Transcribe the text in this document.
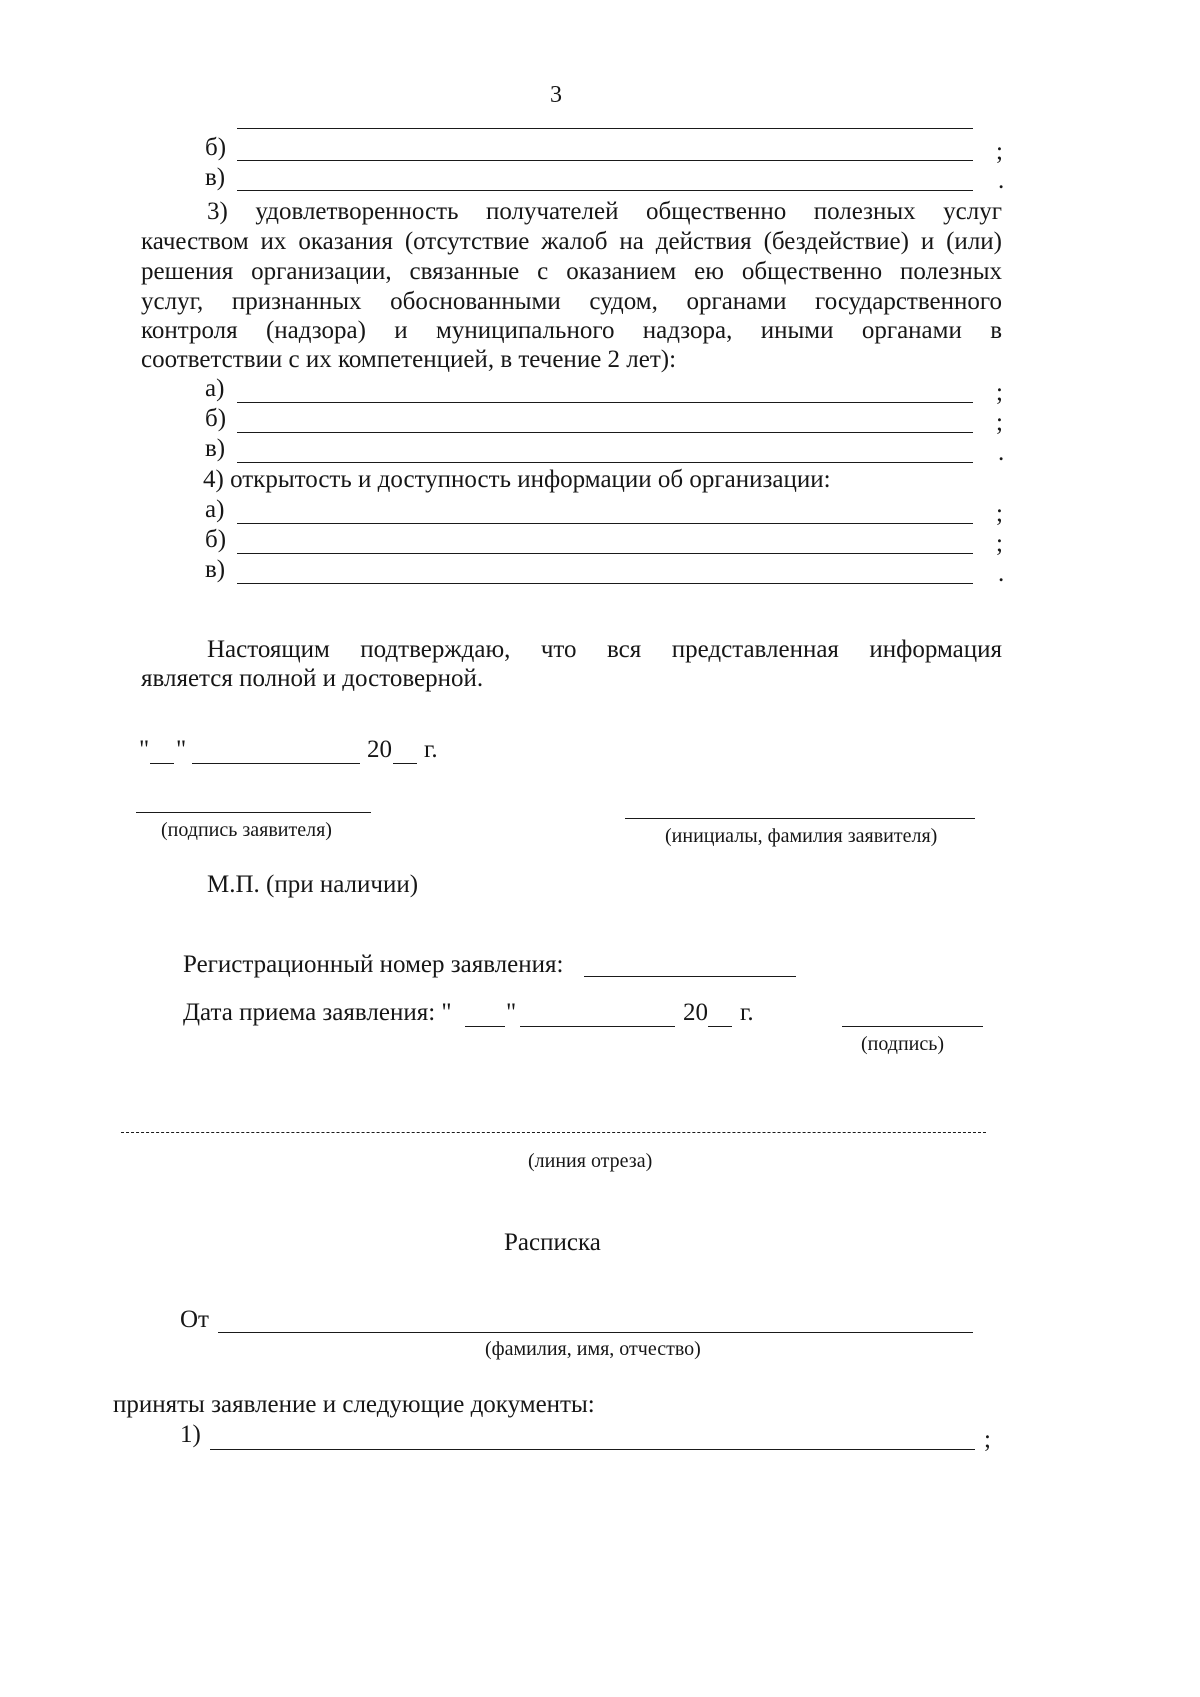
3
б)	;
в)	.
3) удовлетворенность получателей общественно полезных услуг
качеством их оказания (отсутствие жалоб на действия (бездействие) и (или)
решения организации, связанные с оказанием ею общественно полезных
услуг, признанных обоснованными судом, органами государственного
контроля (надзора) и муниципального надзора, иными органами в
соответствии с их компетенцией, в течение 2 лет):
а)	;
б)	;
в)	.
4) открытость и доступность информации об организации:
а)	;
б)	;
в)	.
Настоящим подтверждаю, что вся представленная информация
является полной и достоверной.
" "	20 г.
(подпись заявителя)	(инициалы, фамилия заявителя)
М.П. (при наличии)
Регистрационный номер заявления:
Дата приема заявления: " "	20 г.
(подпись)
(линия отреза)
Расписка
От
(фамилия, имя, отчество)
приняты заявление и следующие документы:
1)	;
